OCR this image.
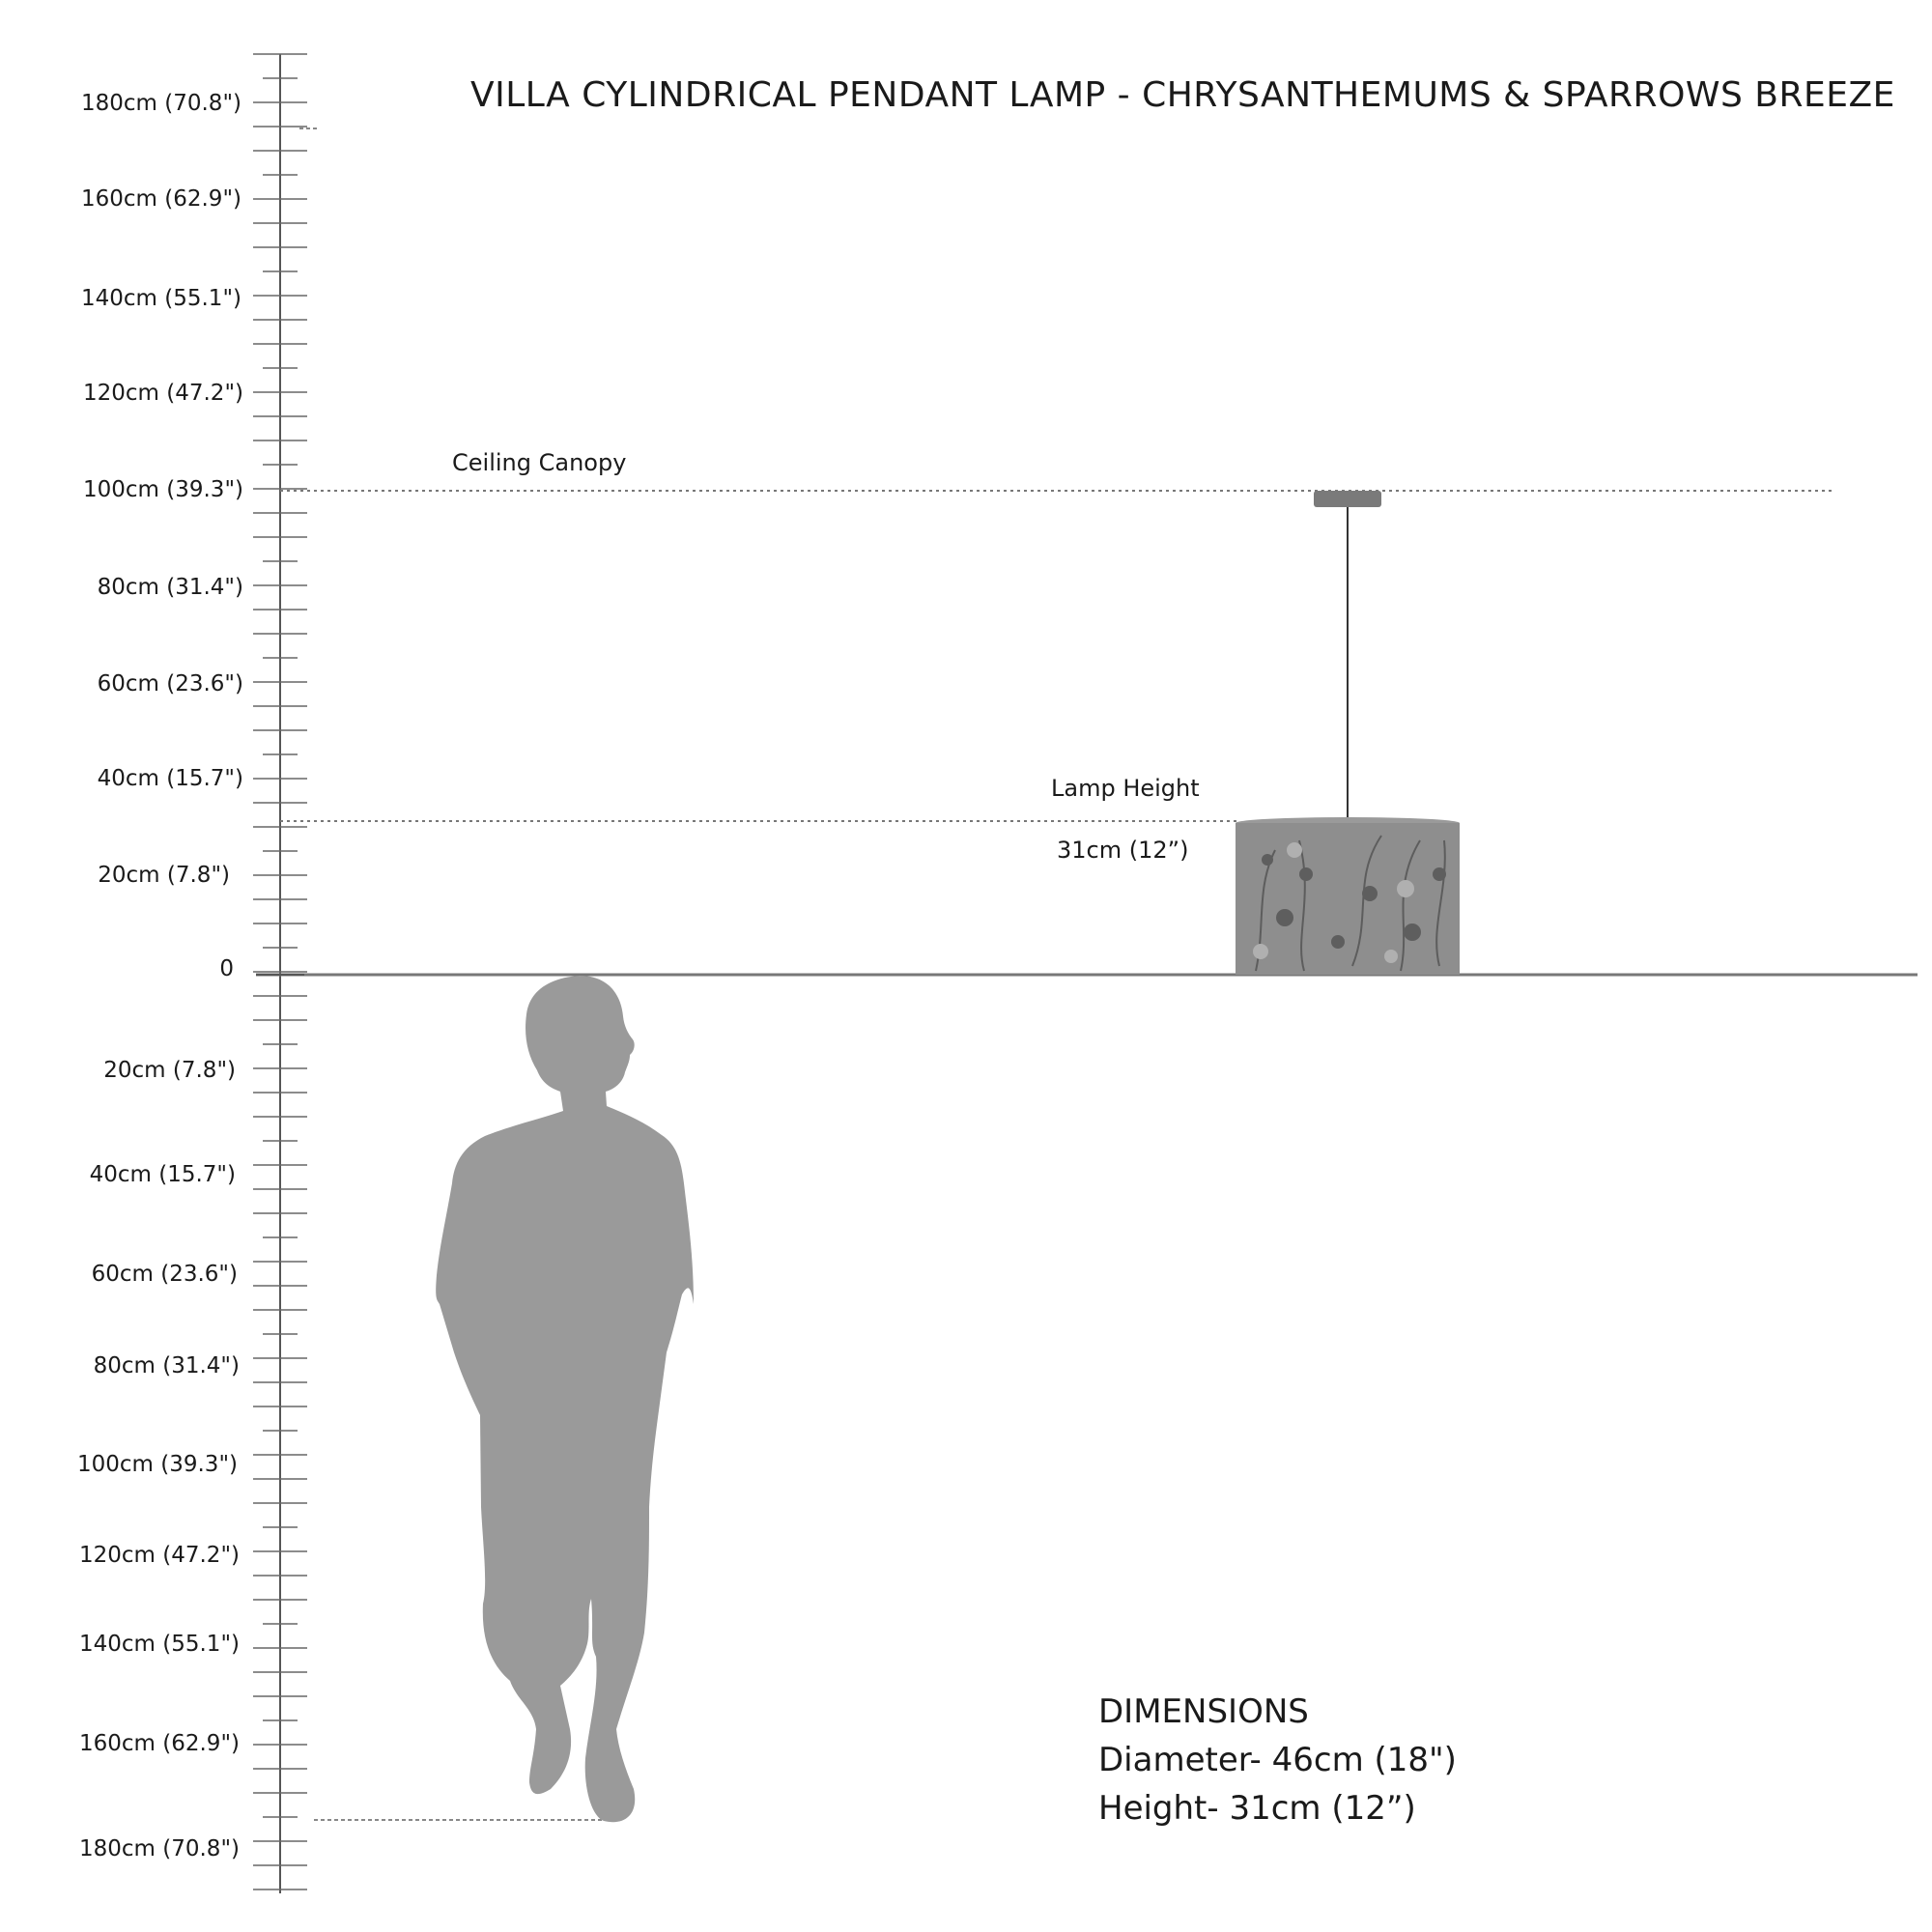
VILLA CYLINDRICAL PENDANT LAMP - CHRYSANTHEMUMS & SPARROWS BREEZE
180cm (70.8")
160cm (62.9")
140cm (55.1")
120cm (47.2")
100cm (39.3")
80cm (31.4")
60cm (23.6")
40cm (15.7")
20cm (7.8")
0
20cm (7.8")
40cm (15.7")
60cm (23.6")
80cm (31.4")
100cm (39.3")
120cm (47.2")
140cm (55.1")
160cm (62.9")
180cm (70.8")
Ceiling Canopy
Lamp Height
31cm (12”)
DIMENSIONS
Diameter- 46cm (18")
Height- 31cm (12”)
